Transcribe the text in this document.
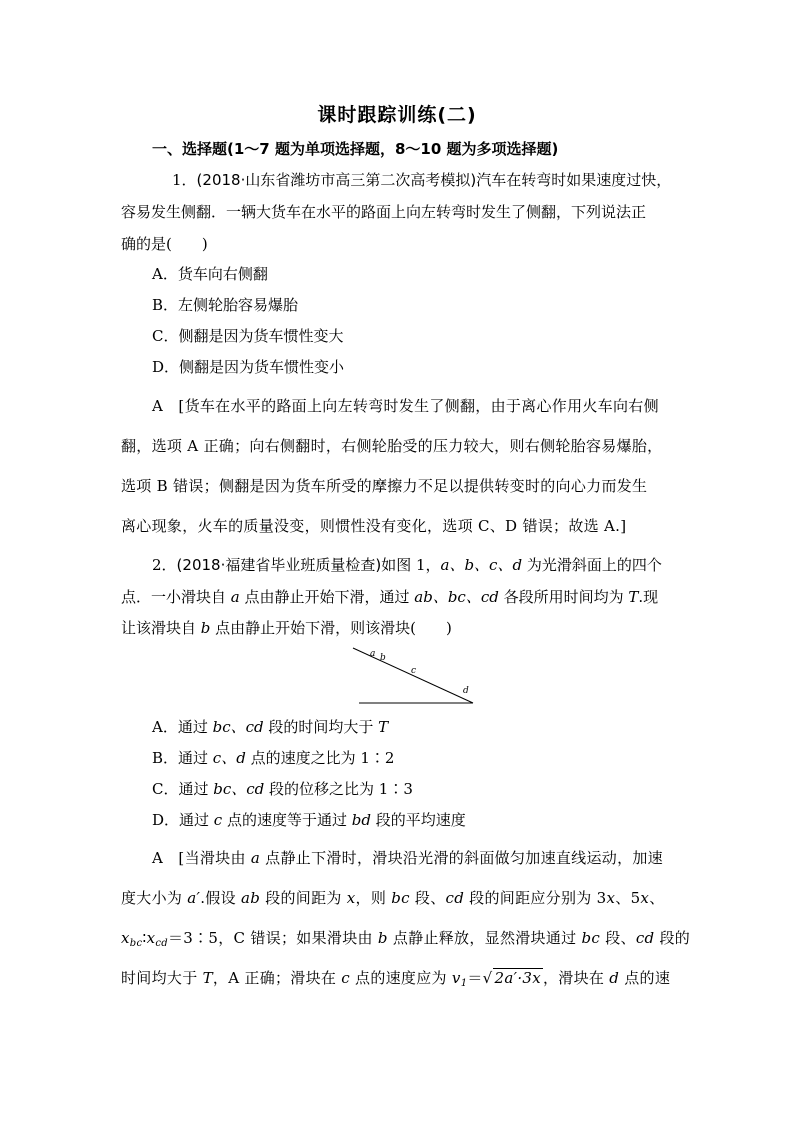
课时跟踪训练(二)
一、选择题(1～7 题为单项选择题，8～10 题为多项选择题)
1．(2018·山东省潍坊市高三第二次高考模拟)汽车在转弯时如果速度过快，
容易发生侧翻．一辆大货车在水平的路面上向左转弯时发生了侧翻，下列说法正
确的是(　　)
A．货车向右侧翻
B．左侧轮胎容易爆胎
C．侧翻是因为货车惯性变大
D．侧翻是因为货车惯性变小
A　[货车在水平的路面上向左转弯时发生了侧翻，由于离心作用火车向右侧
翻，选项 A 正确；向右侧翻时，右侧轮胎受的压力较大，则右侧轮胎容易爆胎，
选项 B 错误；侧翻是因为货车所受的摩擦力不足以提供转变时的向心力而发生
离心现象，火车的质量没变，则惯性没有变化，选项 C、D 错误；故选 A.]
2．(2018·福建省毕业班质量检查)如图 1，a、b、c、d 为光滑斜面上的四个
点．一小滑块自 a 点由静止开始下滑，通过 ab、bc、cd 各段所用时间均为 T.现
让该滑块自 b 点由静止开始下滑，则该滑块(　　)
a b
c
d
A．通过 bc、cd 段的时间均大于 T
B．通过 c、d 点的速度之比为 1∶2
C．通过 bc、cd 段的位移之比为 1∶3
D．通过 c 点的速度等于通过 bd 段的平均速度
A　[当滑块由 a 点静止下滑时，滑块沿光滑的斜面做匀加速直线运动，加速
度大小为 a′.假设 ab 段的间距为 x，则 bc 段、cd 段的间距应分别为 3x、5x、
$x_{bc}∶x_{cd}=3∶5$，C 错误；如果滑块由 b 点静止释放，显然滑块通过 bc 段、cd 段的
时间均大于 T，A 正确；滑块在 c 点的速度应为 $v_1=√$ 2a′·3x ，滑块在 d 点的速
